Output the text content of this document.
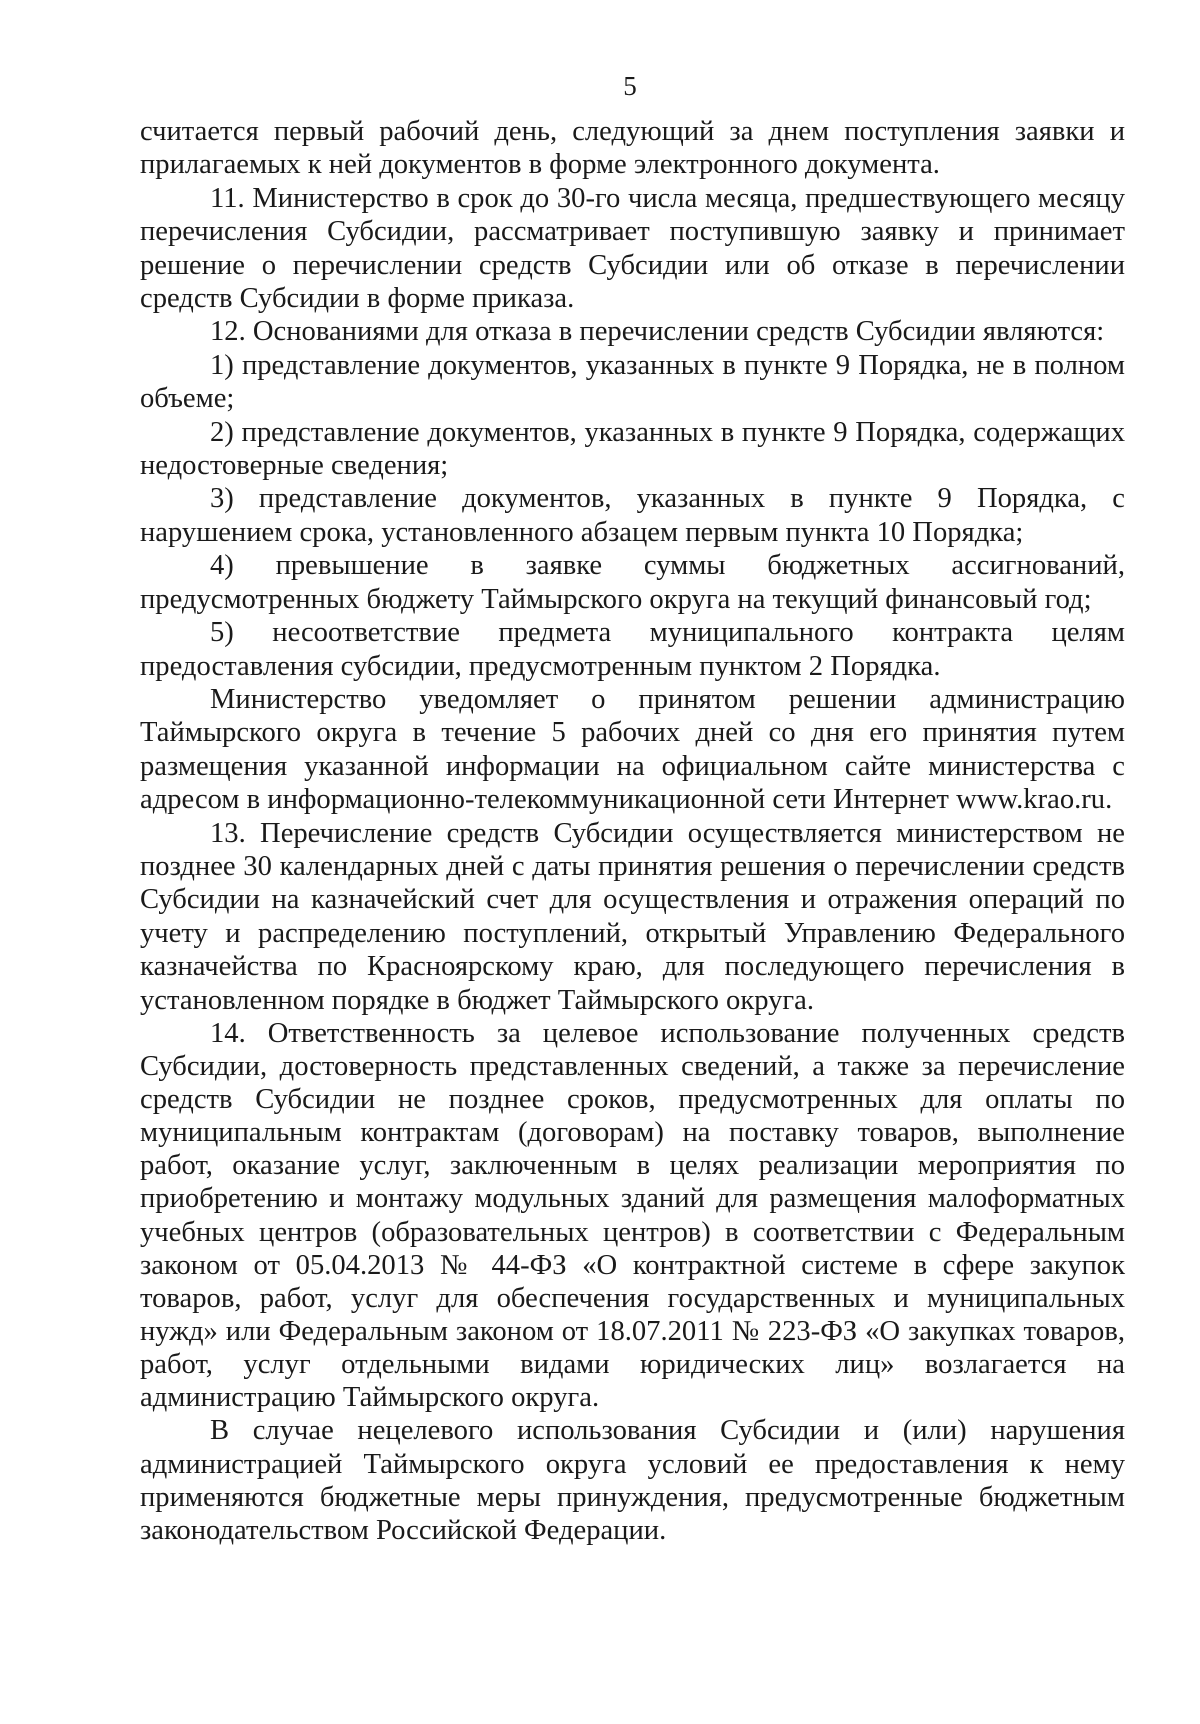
5

считается первый рабочий день, следующий за днем поступления заявки и прилагаемых к ней документов в форме электронного документа.

11. Министерство в срок до 30-го числа месяца, предшествующего месяцу перечисления Субсидии, рассматривает поступившую заявку и принимает решение о перечислении средств Субсидии или об отказе в перечислении средств Субсидии в форме приказа.

12. Основаниями для отказа в перечислении средств Субсидии являются:

1) представление документов, указанных в пункте 9 Порядка, не в полном объеме;

2) представление документов, указанных в пункте 9 Порядка, содержащих недостоверные сведения;

3) представление документов, указанных в пункте 9 Порядка, с нарушением срока, установленного абзацем первым пункта 10 Порядка;

4) превышение в заявке суммы бюджетных ассигнований, предусмотренных бюджету Таймырского округа на текущий финансовый год;

5) несоответствие предмета муниципального контракта целям предоставления субсидии, предусмотренным пунктом 2 Порядка.

Министерство уведомляет о принятом решении администрацию Таймырского округа в течение 5 рабочих дней со дня его принятия путем размещения указанной информации на официальном сайте министерства с адресом в информационно-телекоммуникационной сети Интернет www.krao.ru.

13. Перечисление средств Субсидии осуществляется министерством не позднее 30 календарных дней с даты принятия решения о перечислении средств Субсидии на казначейский счет для осуществления и отражения операций по учету и распределению поступлений, открытый Управлению Федерального казначейства по Красноярскому краю, для последующего перечисления в установленном порядке в бюджет Таймырского округа.

14. Ответственность за целевое использование полученных средств Субсидии, достоверность представленных сведений, а также за перечисление средств Субсидии не позднее сроков, предусмотренных для оплаты по муниципальным контрактам (договорам) на поставку товаров, выполнение работ, оказание услуг, заключенным в целях реализации мероприятия по приобретению и монтажу модульных зданий для размещения малоформатных учебных центров (образовательных центров) в соответствии с Федеральным законом от 05.04.2013 № 44-ФЗ «О контрактной системе в сфере закупок товаров, работ, услуг для обеспечения государственных и муниципальных нужд» или Федеральным законом от 18.07.2011 № 223-ФЗ «О закупках товаров, работ, услуг отдельными видами юридических лиц» возлагается на администрацию Таймырского округа.

В случае нецелевого использования Субсидии и (или) нарушения администрацией Таймырского округа условий ее предоставления к нему применяются бюджетные меры принуждения, предусмотренные бюджетным законодательством Российской Федерации.
